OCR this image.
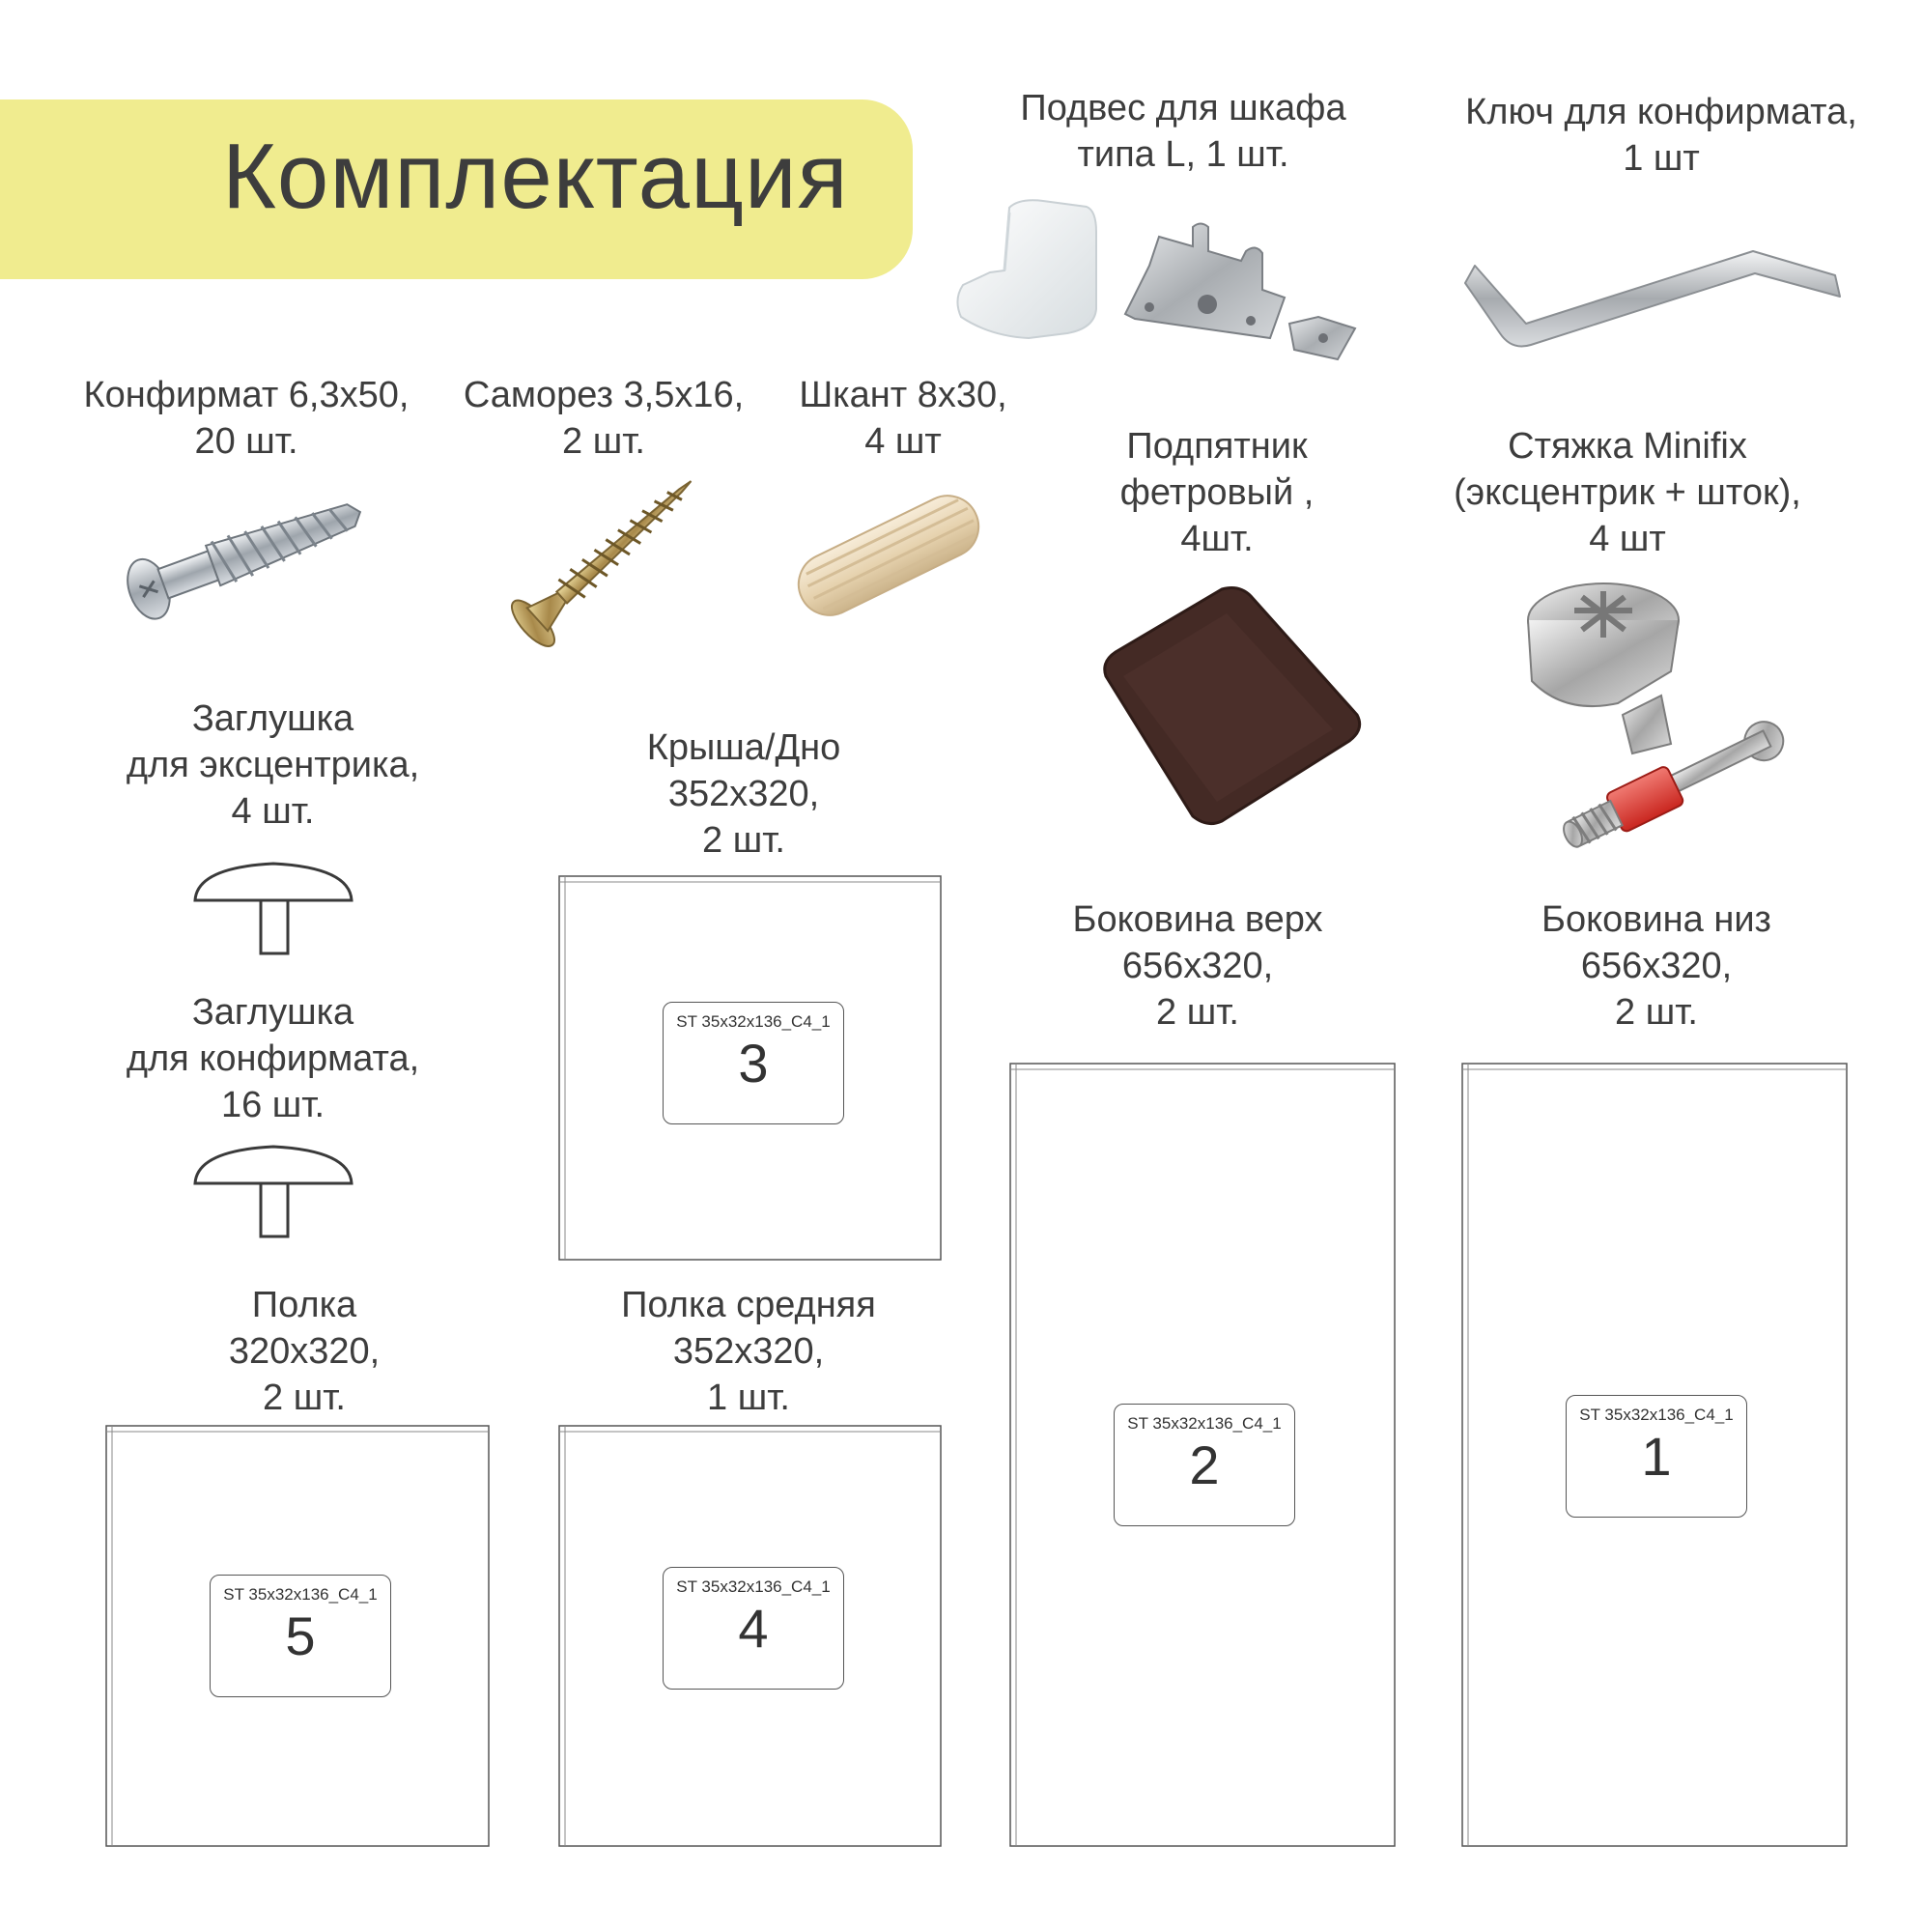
Комплектация
Подвес для шкафа
типа L, 1 шт.
Ключ для конфирмата,
1 шт
Конфирмат 6,3х50,
20 шт.
Саморез 3,5х16,
2 шт.
Шкант 8х30,
4 шт	Подпятник
фетровый ,
4шт.
Стяжка Minifix
(эксцентрик + шток),
4 шт
Заглушка
для эксцентрика,
4 шт.
Заглушка
для конфирмата,
16 шт.
Крыша/Дно
352х320,
2 шт.
Боковина верх
656х320,
2 шт.
Боковина низ
656х320,
2 шт.
Полка
320х320,
2 шт.
Полка средняя
352х320,
1 шт.
ST 35x32x136_C4_1
3
ST 35x32x136_C4_1
2
ST 35x32x136_C4_1
1
ST 35x32x136_C4_1
5
ST 35x32x136_C4_1
4
